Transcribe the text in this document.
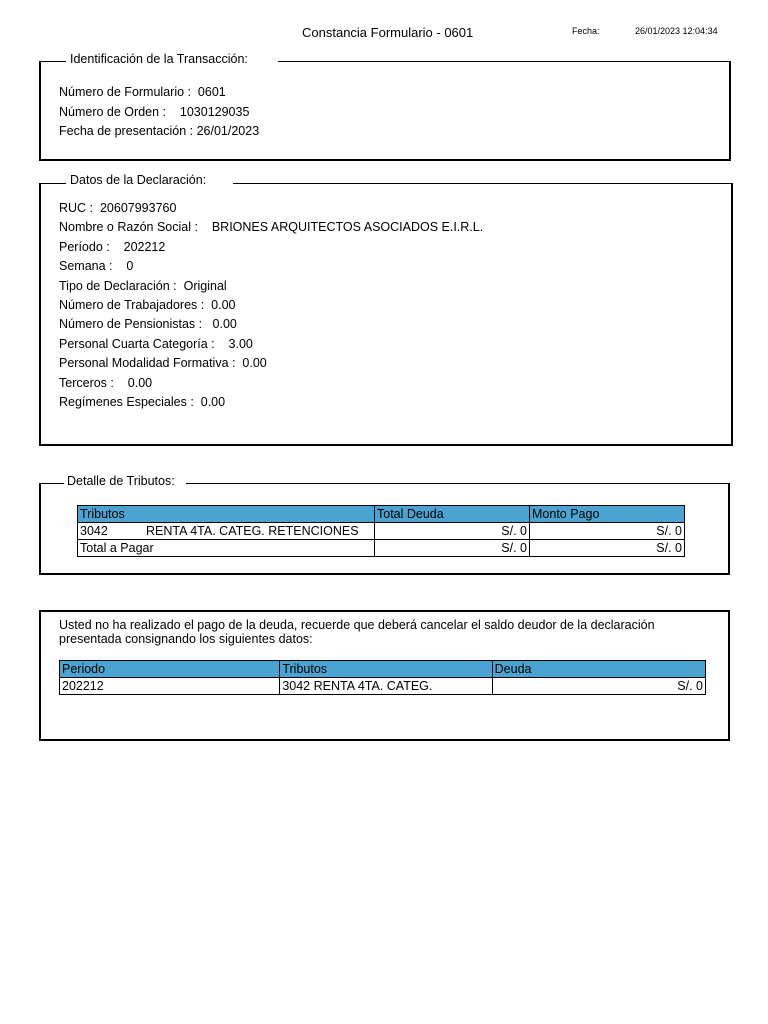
Constancia Formulario - 0601	Fecha:	26/01/2023 12:04:34
Identificación de la Transacción:
Número de Formulario :  0601
Número de Orden :    1030129035
Fecha de presentación : 26/01/2023
Datos de la Declaración:
RUC :  20607993760
Nombre o Razón Social :    BRIONES ARQUITECTOS ASOCIADOS E.I.R.L.
Período :    202212
Semana :    0
Tipo de Declaración :  Original
Número de Trabajadores :  0.00
Número de Pensionistas :   0.00
Personal Cuarta Categoría :    3.00
Personal Modalidad Formativa :  0.00
Terceros :    0.00
Regímenes Especiales :  0.00
Detalle de Tributos:
Tributos	Total Deuda	Monto Pago
3042 RENTA 4TA. CATEG. RETENCIONES	S/. 0	S/. 0
Total a Pagar	S/. 0	S/. 0
Usted no ha realizado el pago de la deuda, recuerde que deberá cancelar el saldo deudor de la declaración presentada consignando los siguientes datos:
Periodo	Tributos	Deuda
202212	3042 RENTA 4TA. CATEG.	S/. 0
